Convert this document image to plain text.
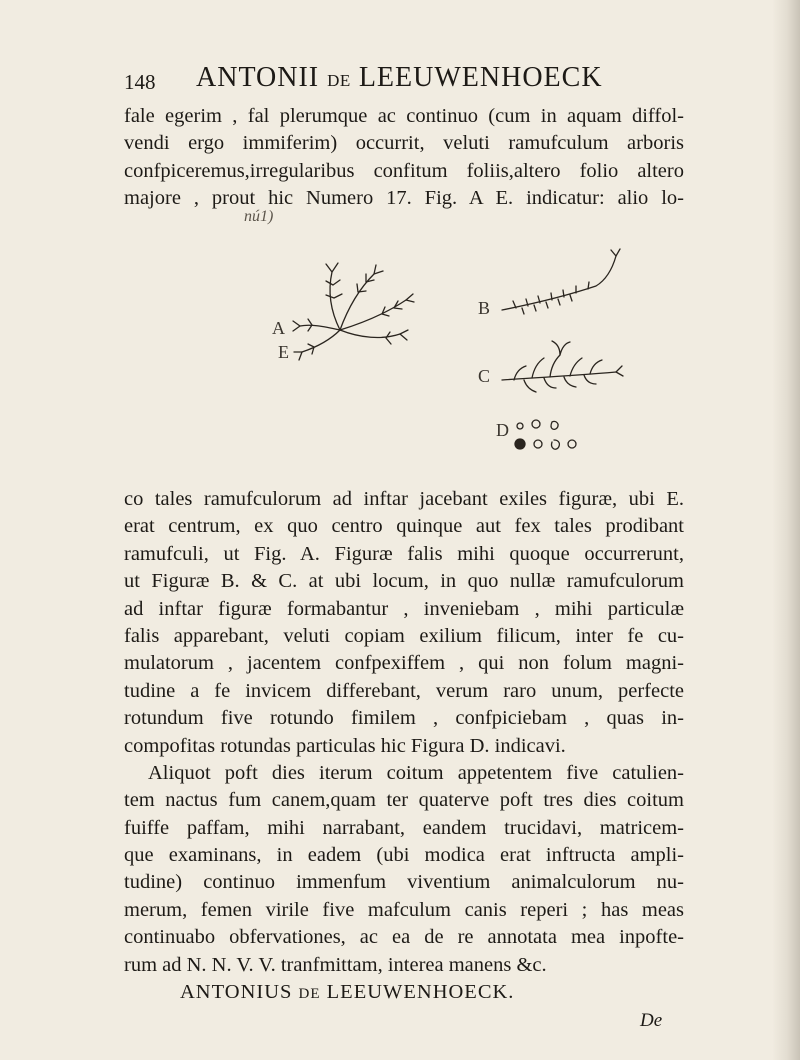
148 ANTONII DE LEEUWENHOECK
fale egerim , fal plerumque ac continuo (cum in aquam diffol-
vendi ergo immiferim) occurrit, veluti ramufculum arboris
confpiceremus,irregularibus confitum foliis,altero folio altero
majore , prout hic Numero 17. Fig. A E. indicatur: alio lo-
nú1)
A
E
B
C
D
co tales ramufculorum ad inftar jacebant exiles figuræ, ubi E.
erat centrum, ex quo centro quinque aut fex tales prodibant
ramufculi, ut Fig. A. Figuræ falis mihi quoque occurrerunt,
ut Figuræ B. & C. at ubi locum, in quo nullæ ramufculorum
ad inftar figuræ formabantur , inveniebam , mihi particulæ
falis apparebant, veluti copiam exilium filicum, inter fe cu-
mulatorum , jacentem confpexiffem , qui non folum magni-
tudine a fe invicem differebant, verum raro unum, perfecte
rotundum five rotundo fimilem , confpiciebam , quas in-
compofitas rotundas particulas hic Figura D. indicavi.
Aliquot poft dies iterum coitum appetentem five catulien-
tem nactus fum canem,quam ter quaterve poft tres dies coitum
fuiffe paffam, mihi narrabant, eandem trucidavi, matricem-
que examinans, in eadem (ubi modica erat inftructa ampli-
tudine) continuo immenfum viventium animalculorum nu-
merum, femen virile five mafculum canis reperi ; has meas
continuabo obfervationes, ac ea de re annotata mea inpofte-
rum ad N. N. V. V. tranfmittam, interea manens &c.
ANTONIUS DE LEEUWENHOECK.
De
